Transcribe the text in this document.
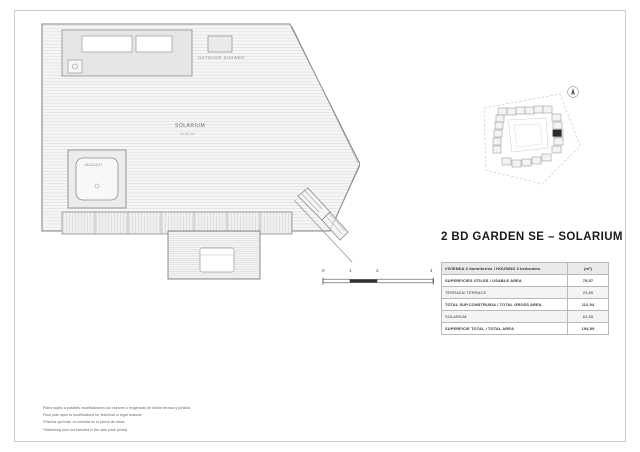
SOLARIUM
81,65 M²
OUTDOOR SHOWER
JACUZZI
0	1	2	4
2 BD GARDEN SE – SOLARIUM
VIVIENDA 3 dormitorios / HOUSING 3 bedrooms	(m²)
SUPERFICIES ÚTILES / USABLE AREA	75,07
TERRAZA/ TERRACE	23,69
TOTAL SUP.CONSTRUIDA / TOTAL GROSS AREA	112,94
SOLARIUM	81,65
SUPERFICIE TOTAL / TOTAL AREA	194,59
Plano sujeto a posibles modificaciones por razones o exigencias de índole técnica y jurídica
Floor plan open to modifications for technical or legal reasons
*Piscina opcional, no incluida en el precio de venta
*Swimming pool not included in the sale price (extra)
